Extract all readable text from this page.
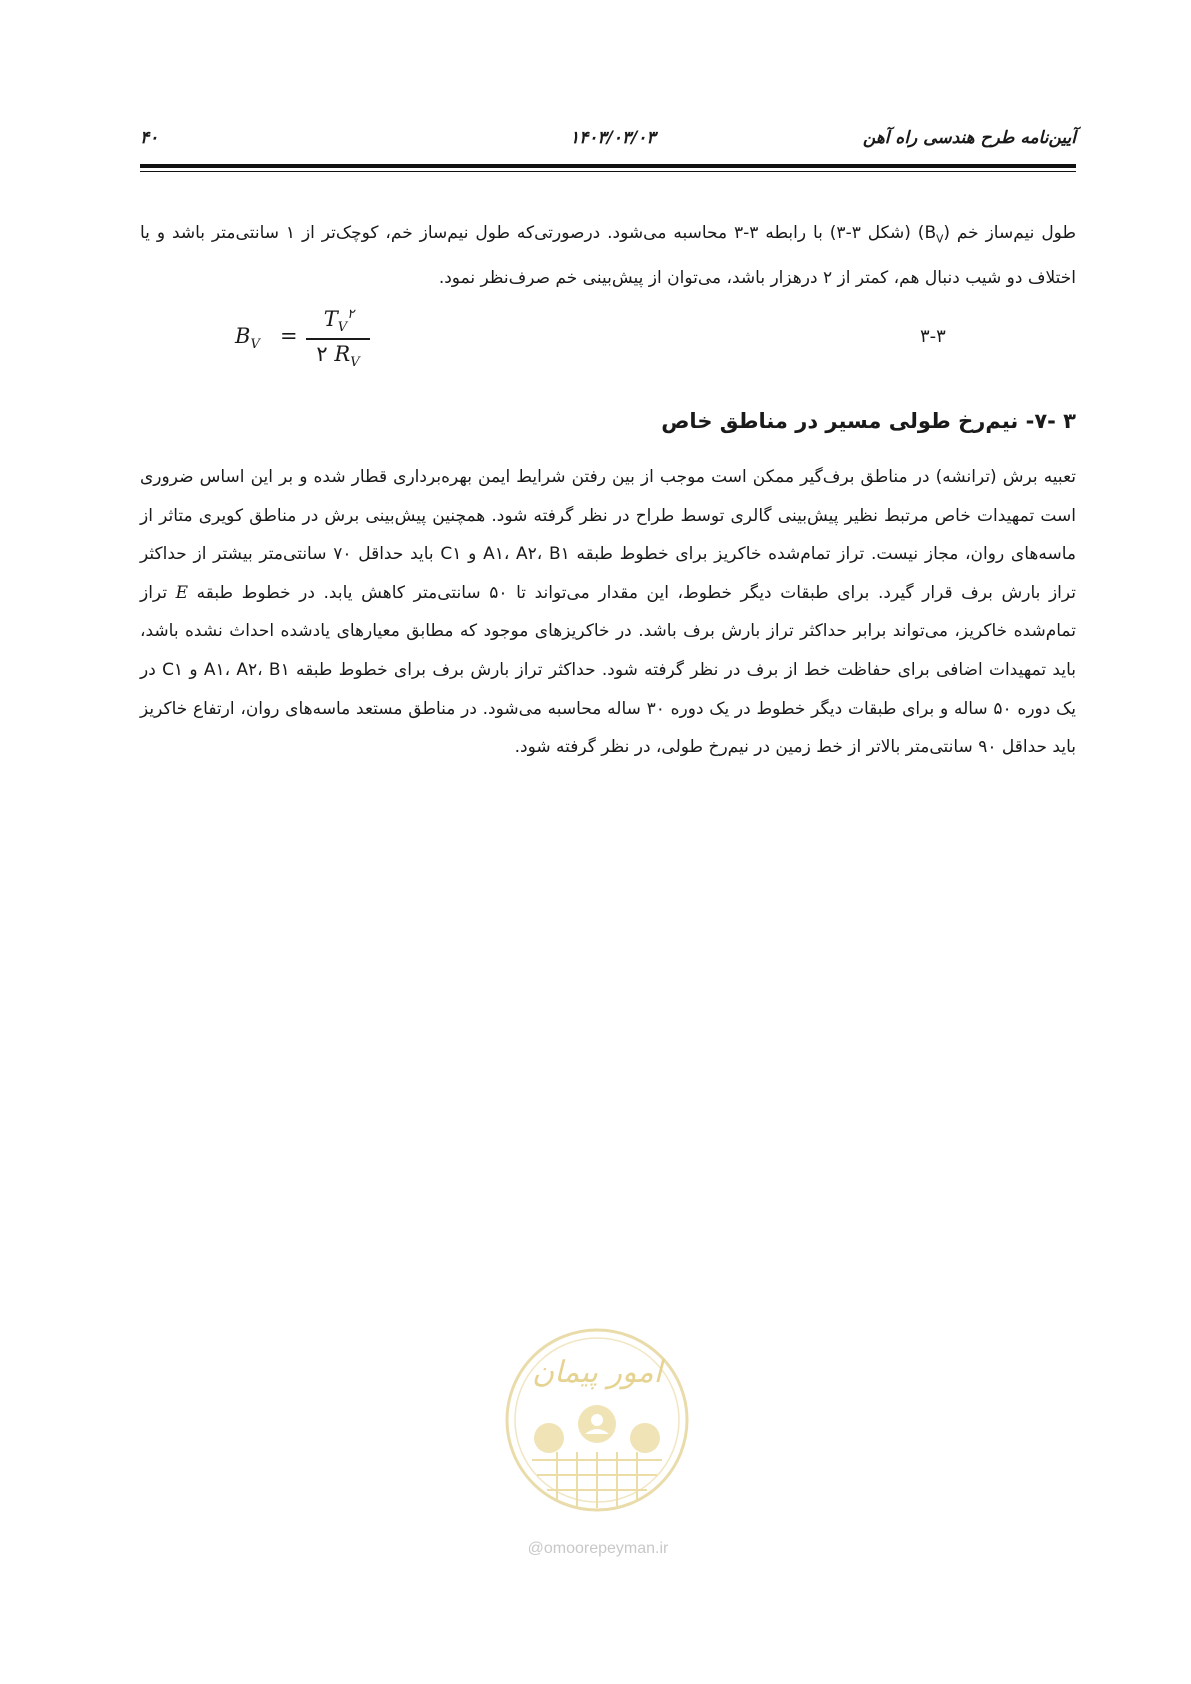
۴۰	۱۴۰۳/۰۳/۰۳	آیین‌نامه طرح هندسی راه آهن

طول نیم‌ساز خم $(B_V)$ (شکل ۳-۳) با رابطه ۳-۳ محاسبه می‌شود. درصورتی‌که طول نیم‌ساز خم، کوچک‌تر از ۱ سانتی‌متر باشد و یا اختلاف دو شیب دنبال هم، کمتر از ۲ درهزار باشد، می‌توان از پیش‌بینی خم صرف‌نظر نمود.

$B_V$ =
$T_V^۲$
۲ $R_V$
۳-۳
۳ -۷- نیم‌رخ طولی مسیر در مناطق خاص

تعبیه برش (ترانشه) در مناطق برف‌گیر ممکن است موجب از بین رفتن شرایط ایمن بهره‌برداری قطار شده و بر این اساس ضروری است تمهیدات خاص مرتبط نظیر پیش‌بینی گالری توسط طراح در نظر گرفته شود. همچنین پیش‌بینی برش در مناطق کویری متاثر از ماسه‌های روان، مجاز نیست. تراز تمام‌شده خاکریز برای خطوط طبقه A۱، A۲، B۱ و C۱ باید حداقل ۷۰ سانتی‌متر بیشتر از حداکثر تراز بارش برف قرار گیرد. برای طبقات دیگر خطوط، این مقدار می‌تواند تا ۵۰ سانتی‌متر کاهش یابد. در خطوط طبقه E تراز تمام‌شده خاکریز، می‌تواند برابر حداکثر تراز بارش برف باشد. در خاکریزهای موجود که مطابق معیارهای یادشده احداث نشده باشد، باید تمهیدات اضافی برای حفاظت خط از برف در نظر گرفته شود. حداکثر تراز بارش برف برای خطوط طبقه A۱، A۲، B۱ و C۱ در یک دوره ۵۰ ساله و برای طبقات دیگر خطوط در یک دوره ۳۰ ساله محاسبه می‌شود. در مناطق مستعد ماسه‌های روان، ارتفاع خاکریز باید حداقل ۹۰ سانتی‌متر بالاتر از خط زمین در نیم‌رخ طولی، در نظر گرفته شود.

امور پیمان
@omoorepeyman.ir
